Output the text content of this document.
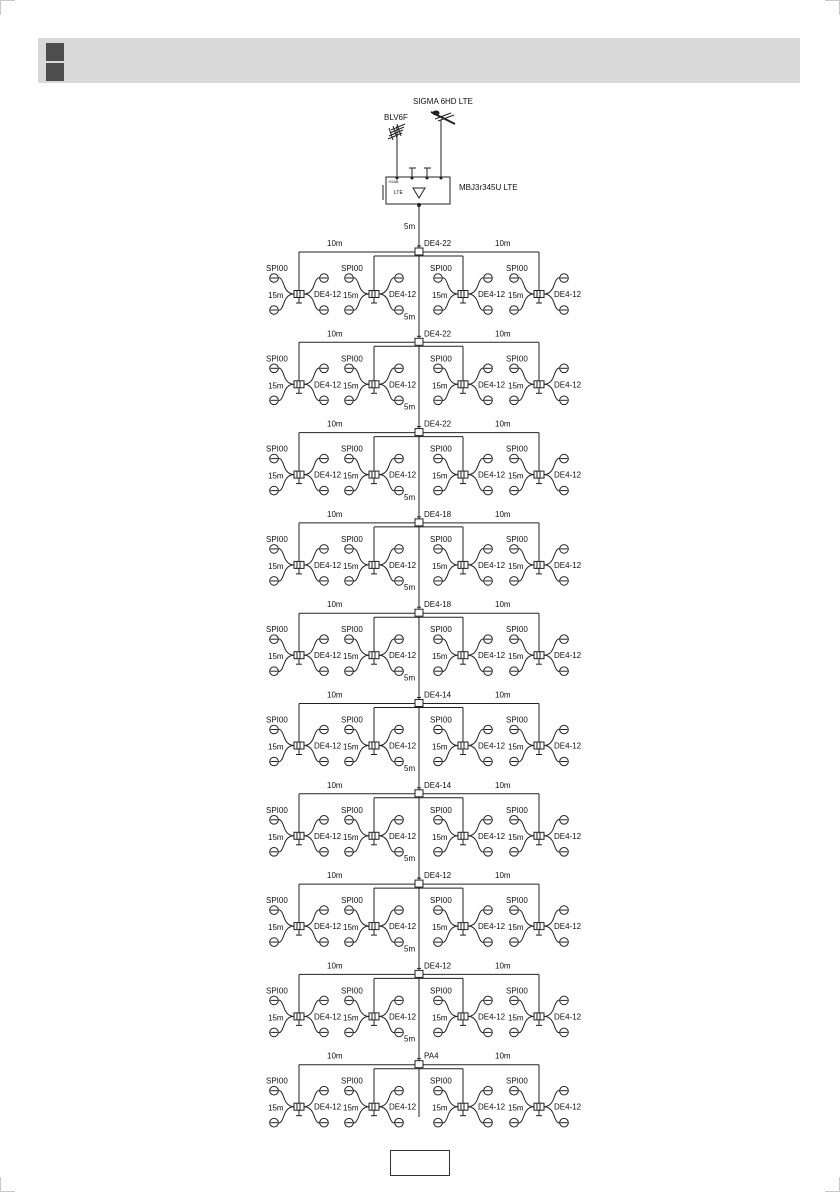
BLV6F
SIGMA 6HD LTE
+DAB
LTE
MBJ3r345U LTE
5m
DE4-22
10m	10m
SPI00
15m	DE4-12
SPI00
15m	DE4-12
SPI00
15m	DE4-12
SPI00
15m	DE4-12
5m
DE4-22
10m	10m
SPI00
15m	DE4-12
SPI00
15m	DE4-12
SPI00
15m	DE4-12
SPI00
15m	DE4-12
5m
DE4-22
10m	10m
SPI00
15m	DE4-12
SPI00
15m	DE4-12
SPI00
15m	DE4-12
SPI00
15m	DE4-12
5m
DE4-18
10m	10m
SPI00
15m	DE4-12
SPI00
15m	DE4-12
SPI00
15m	DE4-12
SPI00
15m	DE4-12
5m
DE4-18
10m	10m
SPI00
15m	DE4-12
SPI00
15m	DE4-12
SPI00
15m	DE4-12
SPI00
15m	DE4-12
5m
DE4-14
10m	10m
SPI00
15m	DE4-12
SPI00
15m	DE4-12
SPI00
15m	DE4-12
SPI00
15m	DE4-12
5m
DE4-14
10m	10m
SPI00
15m	DE4-12
SPI00
15m	DE4-12
SPI00
15m	DE4-12
SPI00
15m	DE4-12
5m
DE4-12
10m	10m
SPI00
15m	DE4-12
SPI00
15m	DE4-12
SPI00
15m	DE4-12
SPI00
15m	DE4-12
5m
DE4-12
10m	10m
SPI00
15m	DE4-12
SPI00
15m	DE4-12
SPI00
15m	DE4-12
SPI00
15m	DE4-12
5m
PA4
10m	10m
SPI00
15m	DE4-12
SPI00
15m	DE4-12
SPI00
15m	DE4-12
SPI00
15m	DE4-12
